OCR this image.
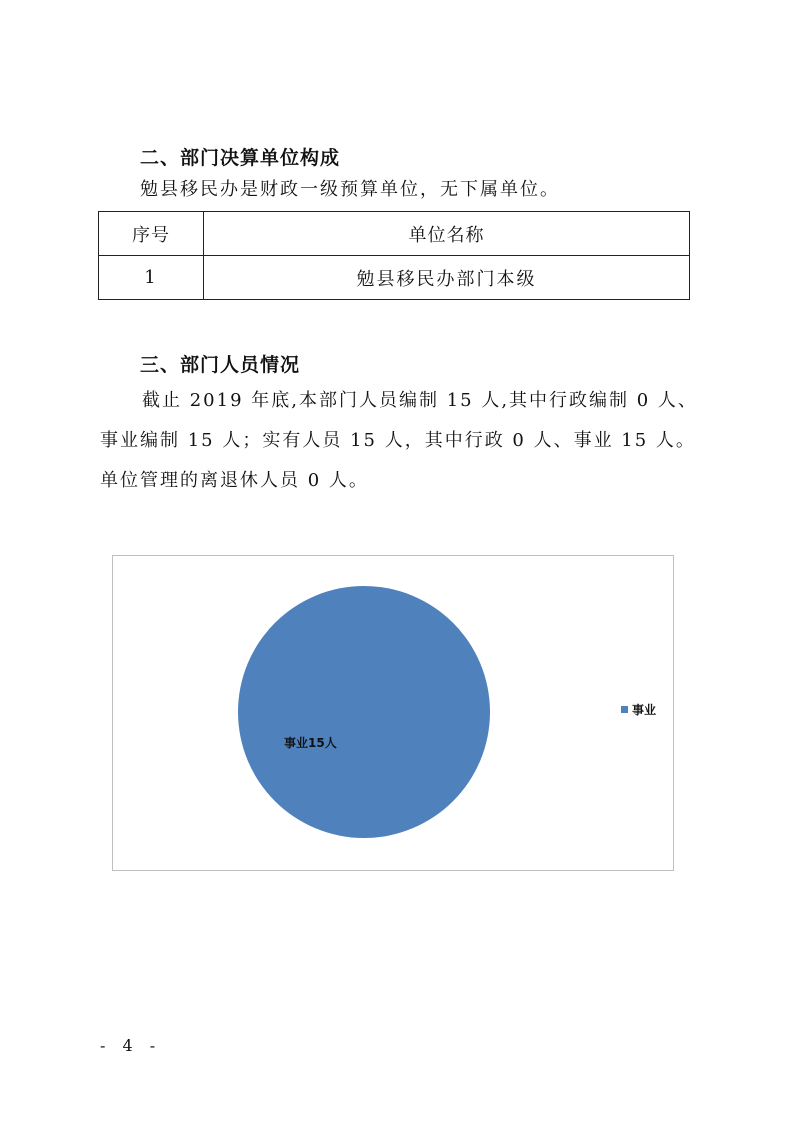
二、部门决算单位构成
勉县移民办是财政一级预算单位，无下属单位。
序号	单位名称
1	勉县移民办部门本级
三、部门人员情况
截止 2019 年底,本部门人员编制 15 人,其中行政编制 0 人、
事业编制 15 人；实有人员 15 人，其中行政 0 人、事业 15 人。
单位管理的离退休人员 0 人。
事业15人
事业
- 4 -
